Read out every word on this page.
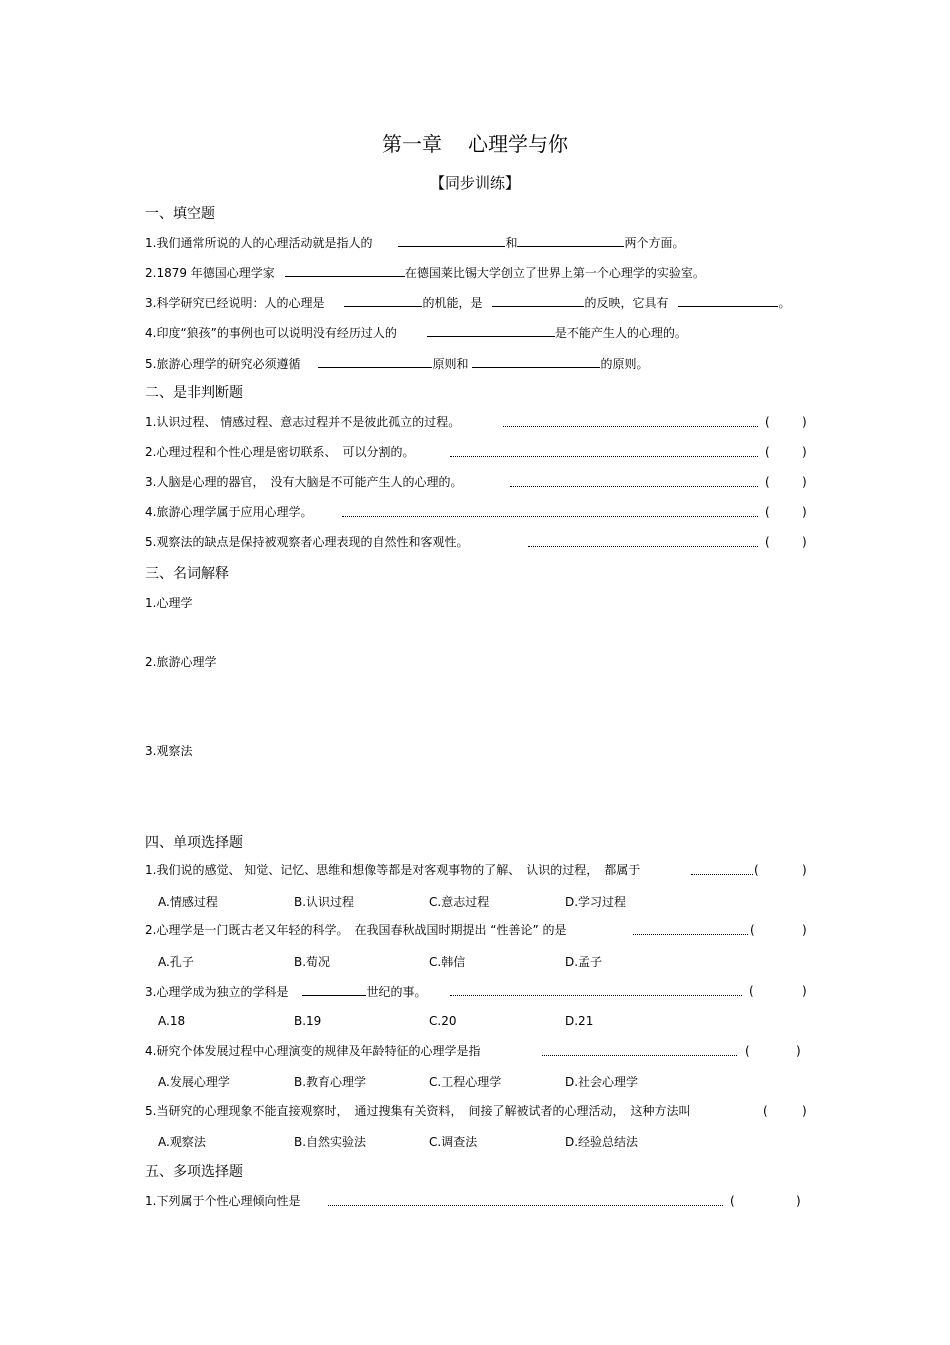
第一章 心理学与你
【同步训练】
一、填空题
1.我们通常所说的人的心理活动就是指人的	和	两个方面。
2.1879 年德国心理学家	在德国莱比锡大学创立了世界上第一个心理学的实验室。
3.科学研究已经说明：人的心理是	的机能，是	的反映，它具有	。
4.印度“狼孩”的事例也可以说明没有经历过人的	是不能产生人的心理的。
5.旅游心理学的研究必须遵循	原则和	的原则。
二、是非判断题
1.认识过程、 情感过程、意志过程并不是彼此孤立的过程。	(	)
2.心理过程和个性心理是密切联系、　可以分割的。	(	)
3.人脑是心理的器官，　没有大脑是不可能产生人的心理的。	(	)
4.旅游心理学属于应用心理学。	(	)
5.观察法的缺点是保持被观察者心理表现的自然性和客观性。	(	)
三、名词解释
1.心理学
2.旅游心理学
3.观察法
四、单项选择题
1.我们说的感觉、 知觉、记忆、思维和想像等都是对客观事物的了解、　认识的过程，　都属于	(	)
A.情感过程	B.认识过程	C.意志过程	D.学习过程
2.心理学是一门既古老又年轻的科学。　在我国春秋战国时期提出 “性善论” 的是	(	)
A.孔子	B.荀况	C.韩信	D.孟子
3.心理学成为独立的学科是	世纪的事。	(	)
A.18	B.19	C.20	D.21
4.研究个体发展过程中心理演变的规律及年龄特征的心理学是指	(	)
A.发展心理学	B.教育心理学	C.工程心理学	D.社会心理学
5.当研究的心理现象不能直接观察时，　通过搜集有关资料，　间接了解被试者的心理活动，　这种方法叫	(	)
A.观察法	B.自然实验法	C.调查法	D.经验总结法
五、多项选择题
1.下列属于个性心理倾向性是	(	)
